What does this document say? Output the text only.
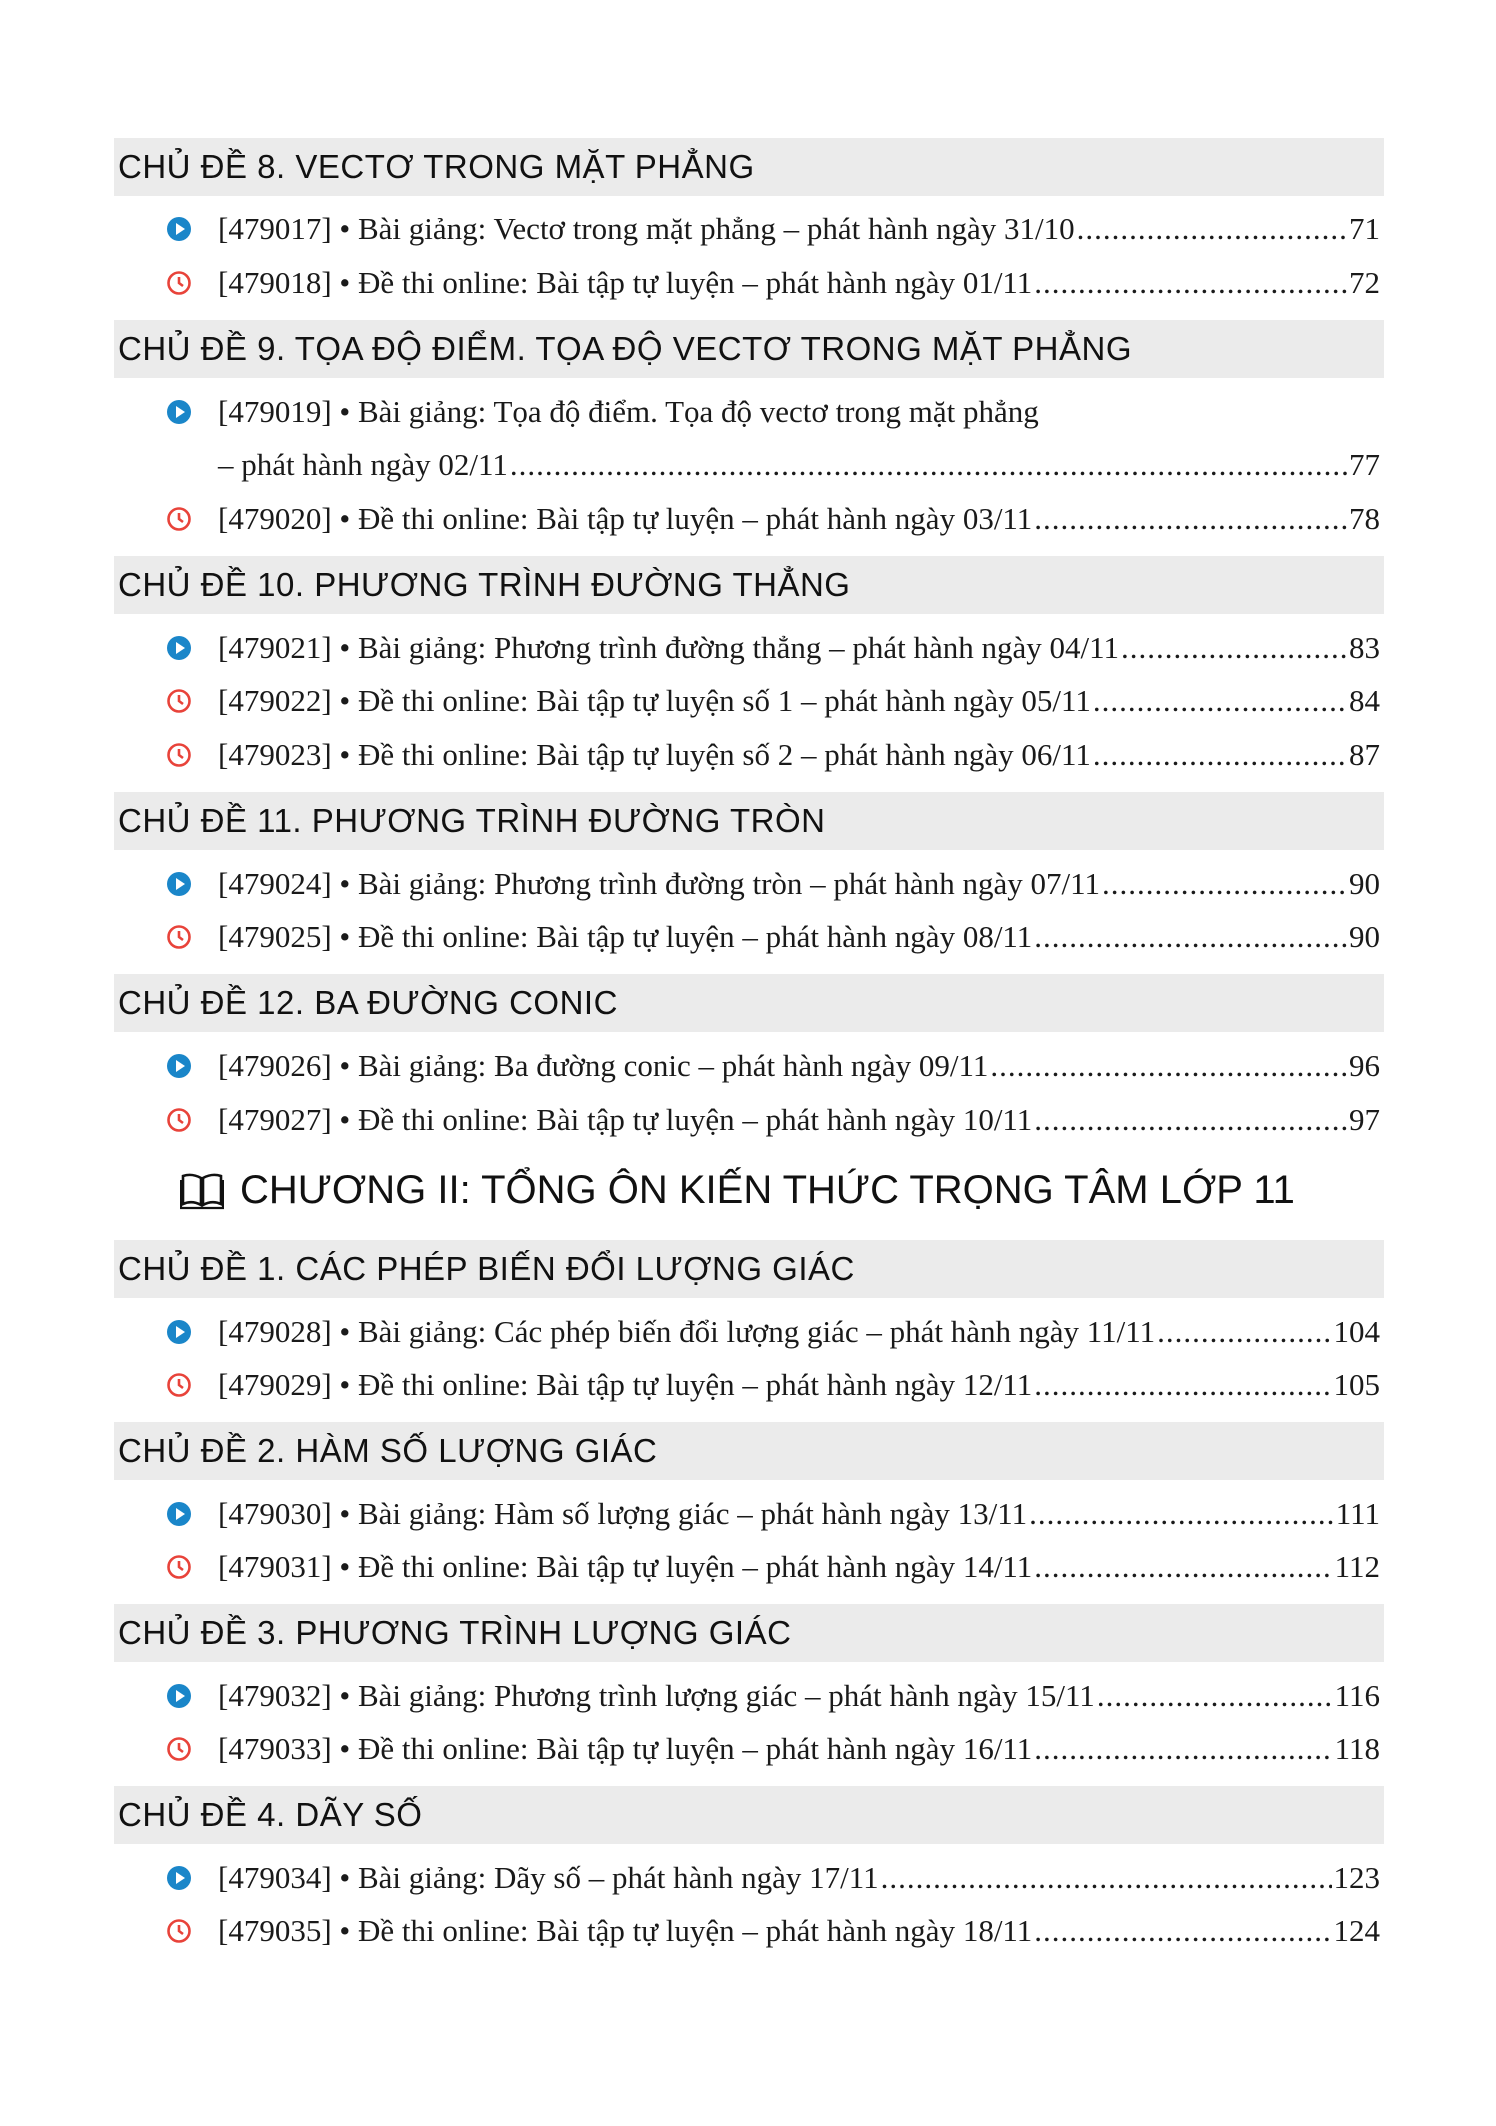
CHỦ ĐỀ 8. VECTƠ TRONG MẶT PHẲNG
[479017] • Bài giảng: Vectơ trong mặt phẳng – phát hành ngày 31/10 .....	71
[479018] • Đề thi online: Bài tập tự luyện – phát hành ngày 01/11 .....	72
CHỦ ĐỀ 9. TỌA ĐỘ ĐIỂM. TỌA ĐỘ VECTƠ TRONG MẶT PHẲNG
[479019] • Bài giảng: Tọa độ điểm. Tọa độ vectơ trong mặt phẳng
– phát hành ngày 02/11 .....	77
[479020] • Đề thi online: Bài tập tự luyện – phát hành ngày 03/11 .....	78
CHỦ ĐỀ 10. PHƯƠNG TRÌNH ĐƯỜNG THẲNG
[479021] • Bài giảng: Phương trình đường thẳng – phát hành ngày 04/11 .....	83
[479022] • Đề thi online: Bài tập tự luyện số 1 – phát hành ngày 05/11 .....	84
[479023] • Đề thi online: Bài tập tự luyện số 2 – phát hành ngày 06/11 .....	87
CHỦ ĐỀ 11. PHƯƠNG TRÌNH ĐƯỜNG TRÒN
[479024] • Bài giảng: Phương trình đường tròn – phát hành ngày 07/11 .....	90
[479025] • Đề thi online: Bài tập tự luyện – phát hành ngày 08/11 .....	90
CHỦ ĐỀ 12. BA ĐƯỜNG CONIC
[479026] • Bài giảng: Ba đường conic – phát hành ngày 09/11 .....	96
[479027] • Đề thi online: Bài tập tự luyện – phát hành ngày 10/11 .....	97
CHƯƠNG II: TỔNG ÔN KIẾN THỨC TRỌNG TÂM LỚP 11
CHỦ ĐỀ 1. CÁC PHÉP BIẾN ĐỔI LƯỢNG GIÁC
[479028] • Bài giảng: Các phép biến đổi lượng giác – phát hành ngày 11/11 .....	104
[479029] • Đề thi online: Bài tập tự luyện – phát hành ngày 12/11 .....	105
CHỦ ĐỀ 2. HÀM SỐ LƯỢNG GIÁC
[479030] • Bài giảng: Hàm số lượng giác – phát hành ngày 13/11 .....	111
[479031] • Đề thi online: Bài tập tự luyện – phát hành ngày 14/11 .....	112
CHỦ ĐỀ 3. PHƯƠNG TRÌNH LƯỢNG GIÁC
[479032] • Bài giảng: Phương trình lượng giác – phát hành ngày 15/11 .....	116
[479033] • Đề thi online: Bài tập tự luyện – phát hành ngày 16/11 .....	118
CHỦ ĐỀ 4. DÃY SỐ
[479034] • Bài giảng: Dãy số – phát hành ngày 17/11 .....	123
[479035] • Đề thi online: Bài tập tự luyện – phát hành ngày 18/11 .....	124
